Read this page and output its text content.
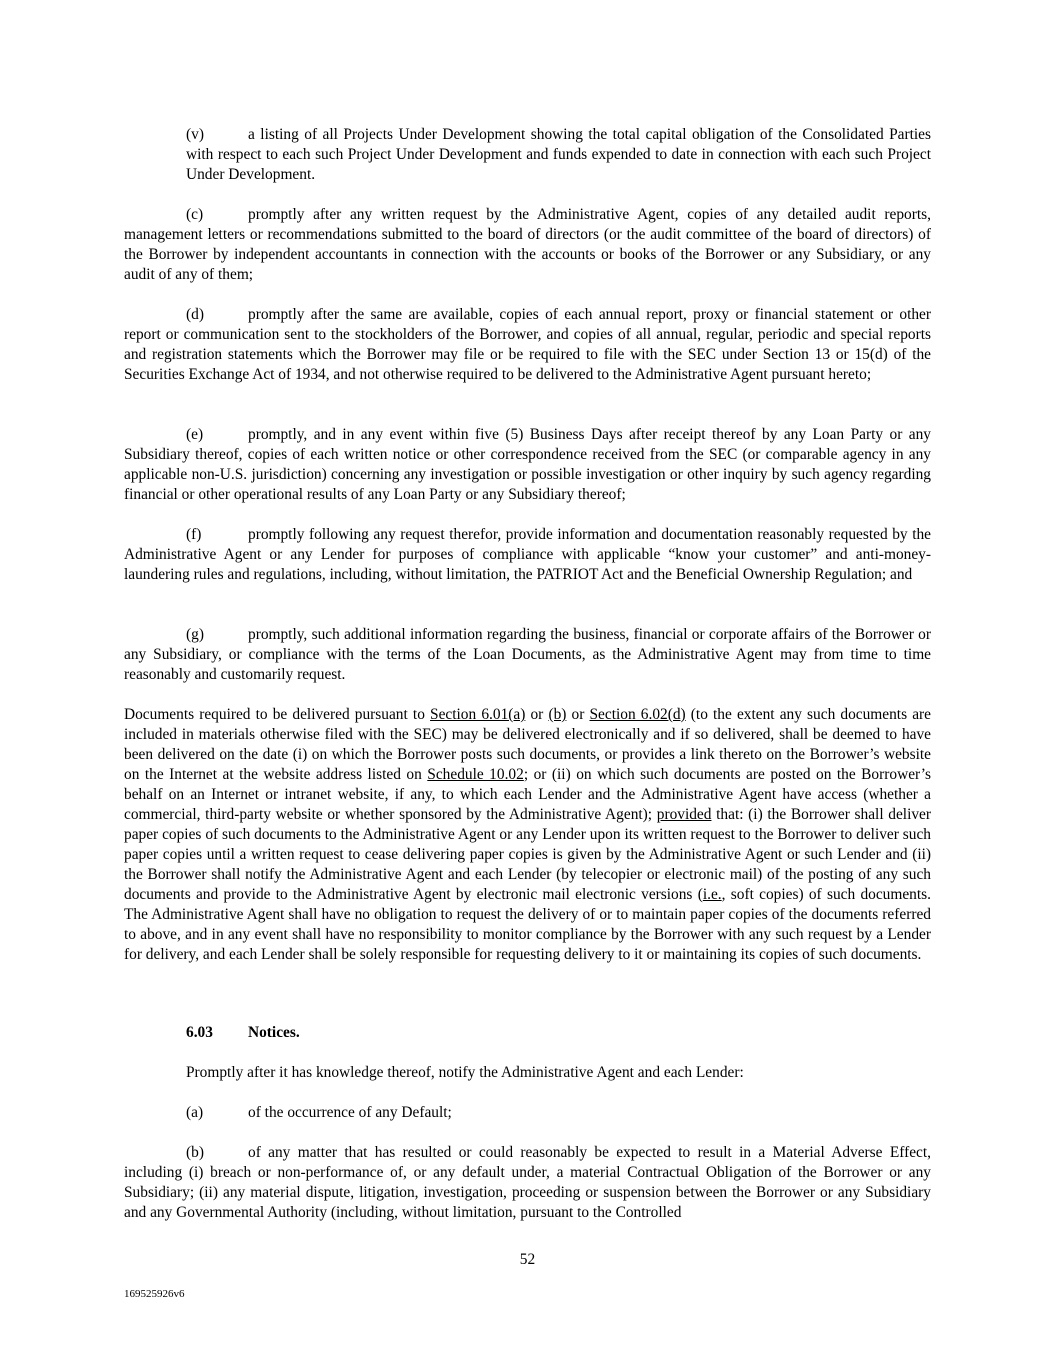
(v)	a listing of all Projects Under Development showing the total capital obligation of the Consolidated Parties with respect to each such Project Under Development and funds expended to date in connection with each such Project Under Development.

(c)	promptly after any written request by the Administrative Agent, copies of any detailed audit reports, management letters or recommendations submitted to the board of directors (or the audit committee of the board of directors) of the Borrower by independent accountants in connection with the accounts or books of the Borrower or any Subsidiary, or any audit of any of them;

(d)	promptly after the same are available, copies of each annual report, proxy or financial statement or other report or communication sent to the stockholders of the Borrower, and copies of all annual, regular, periodic and special reports and registration statements which the Borrower may file or be required to file with the SEC under Section 13 or 15(d) of the Securities Exchange Act of 1934, and not otherwise required to be delivered to the Administrative Agent pursuant hereto;

(e)	promptly, and in any event within five (5) Business Days after receipt thereof by any Loan Party or any Subsidiary thereof, copies of each written notice or other correspondence received from the SEC (or comparable agency in any applicable non-U.S. jurisdiction) concerning any investigation or possible investigation or other inquiry by such agency regarding financial or other operational results of any Loan Party or any Subsidiary thereof;

(f)	promptly following any request therefor, provide information and documentation reasonably requested by the Administrative Agent or any Lender for purposes of compliance with applicable “know your customer” and anti-money-laundering rules and regulations, including, without limitation, the PATRIOT Act and the Beneficial Ownership Regulation; and

(g)	promptly, such additional information regarding the business, financial or corporate affairs of the Borrower or any Subsidiary, or compliance with the terms of the Loan Documents, as the Administrative Agent may from time to time reasonably and customarily request.

Documents required to be delivered pursuant to Section 6.01(a) or (b) or Section 6.02(d) (to the extent any such documents are included in materials otherwise filed with the SEC) may be delivered electronically and if so delivered, shall be deemed to have been delivered on the date (i) on which the Borrower posts such documents, or provides a link thereto on the Borrower’s website on the Internet at the website address listed on Schedule 10.02; or (ii) on which such documents are posted on the Borrower’s behalf on an Internet or intranet website, if any, to which each Lender and the Administrative Agent have access (whether a commercial, third-party website or whether sponsored by the Administrative Agent); provided that: (i) the Borrower shall deliver paper copies of such documents to the Administrative Agent or any Lender upon its written request to the Borrower to deliver such paper copies until a written request to cease delivering paper copies is given by the Administrative Agent or such Lender and (ii) the Borrower shall notify the Administrative Agent and each Lender (by telecopier or electronic mail) of the posting of any such documents and provide to the Administrative Agent by electronic mail electronic versions (i.e., soft copies) of such documents. The Administrative Agent shall have no obligation to request the delivery of or to maintain paper copies of the documents referred to above, and in any event shall have no responsibility to monitor compliance by the Borrower with any such request by a Lender for delivery, and each Lender shall be solely responsible for requesting delivery to it or maintaining its copies of such documents.

6.03 Notices.

Promptly after it has knowledge thereof, notify the Administrative Agent and each Lender:

(a)	of the occurrence of any Default;

(b)	of any matter that has resulted or could reasonably be expected to result in a Material Adverse Effect, including (i) breach or non-performance of, or any default under, a material Contractual Obligation of the Borrower or any Subsidiary; (ii) any material dispute, litigation, investigation, proceeding or suspension between the Borrower or any Subsidiary and any Governmental Authority (including, without limitation, pursuant to the Controlled

52

169525926v6
